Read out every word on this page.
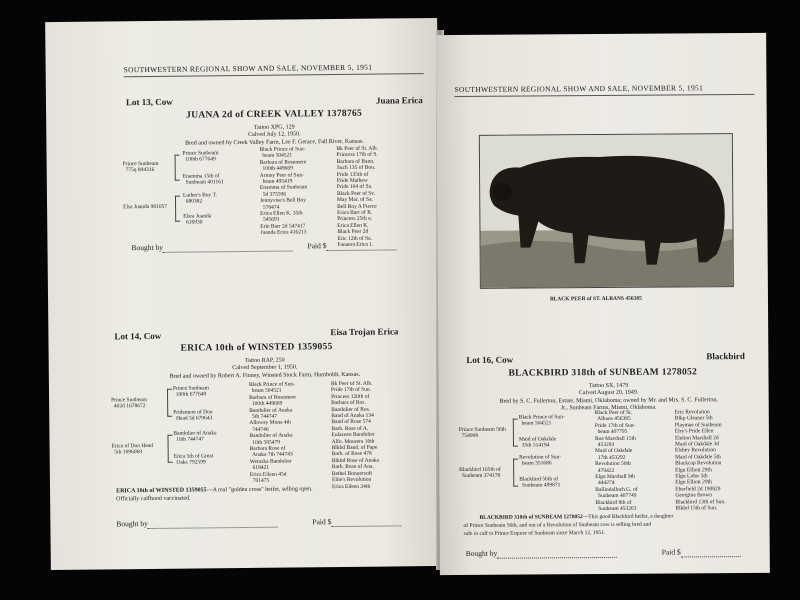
SOUTHWESTERN REGIONAL SHOW AND SALE, NOVEMBER 5, 1951
Lot 13, Cow	Juana Erica
JUANA 2d of CREEK VALLEY 1378765
Tattoo XPG, 129
Calved July 12, 1950.
Bred and owned by Creek Valley Farm, Lee F. Gerace, Fall River, Kansas.
Prince Sunbeam
775q 894316
Elsa Juanda 981057
Prince Sunbeam
100th 677649
Enamma 15th of
Sunbeam 401161
Luther's Boy T.
680382
Elsra Juanda
616930
Black Prince of Sun-
beam 504521
Barbara of Rosemere
100th 449669
Armey Peer of Sun-
beam 495419
Enamma of Sunbeam
5d 375596
Jennyvise's Bell Boy
578474
Erica Ellen K. 35th
545691
Erie Barr 2d 547417
Juanda Erica 416213
Bk Peer of St. Alb.
Princess 17th of S.
Barbara of Bann.
Such 135 of Bou.
Pride 135th of
Pride Mathew
Pride 104 of Sa.
Black Peer of Se.
May Mar. of Sa.
Bell Boy A Pierce
Erica Barr of R.
Princess 25th o.
Erica Ellen K.
Black Peer 2d
Eric 12th of Sa.
Fanaera Erica 1.
Bought by	Paid $
Lot 14, Cow	Eisa Trojan Erica
ERICA 10th of WINSTED 1359055
Tattoo RAP, 250
Calved September 1, 1950.
Bred and owned by Robert A. Finney, Winsted Stock Farm, Humboldt, Kansas.
Prince Sunbeam
402d 1678672
Erica of Don Head
5th 1096069
Prince Sunbeam
100th 677649
Pridemere of Don
Head 5d 679643
Bandolier of Anaka
16th 744747
Erica 5th of Great
Oaks 792599
Black Prince of Sun-
beam 504521
Barbara of Rosemere
100th 449669
Bandolier of Anaka
5th 744747
Alloway Mona 4th
744746
Bandolier of Anaka
10th 585479
Barbara Rose of
Anaka 7th 744743
Wetuska Bandolier
618421
Erica Eileen 45d
701475
Bk Peer of St. Alb.
Pride 17th of Sun.
Princess 120th of
Barbara of Ros.
Bandolier of Ros.
Band of Anaka 134
Band of Rose 574
Barb. Rose of A.
Eulaceeo Bandolier
Alfo. Mourera 10th
Blkbd Band. of Pape
Barb. of Rose 478
Blkbd Rose of Anaka
Barb. Rose of Ana.
Bethel Bonnersoft
Elite's Revolution
Erica Eileen 24th
ERICA 10th of WINSTED 1359055—A real "golden cross" heifer, selling open.
Officially calfhood vaccinated.
Bought by	Paid $
SOUTHWESTERN REGIONAL SHOW AND SALE, NOVEMBER 5, 1951
BLACK PEER of ST. ALBANS 456385
Lot 16, Cow	Blackbird
BLACKBIRD 318th of SUNBEAM 1278052
Tattoo SX, 1479
Calved August 20, 1949.
Bred by S. C. Fullerton, Estate, Miami, Oklahoma; owned by Mr. and Mrs. S. C. Fullerton,
Jr., Sunbeam Farms, Miami, Oklahoma.
Prince Sunbeam 56th
754908
Blackbird 165th of
Sunbeam 374178
Black Prince of Sun-
beam 504521
Maid of Oakdale
35th 514194
Revolution of Sun-
beam 351686
Blackbird 56th of
Sunbeam 499871
Black Peer of St.
Albans 456385
Pride 17th of Sun-
beam 407795
Roe Marshall 15th
453293
Maid of Oakdale
17th 453292
Revolution 50th
479422
Elgn Marshall 9th
444274
Ballindalloch G. of
Sunbeam 407749
Blackbird 8th of
Sunbeam 453263
Eric Revolution
Blkp Gleaner 5th
Playmae of Sunbeam
Elry's Pride Ellen
Elelion Marshall 2d
Maid of Oakdale 3d
Elshey Revolution
Maid of Oakdale 5th
Blackcap Revolution
Elgn Elliott 29th
Elgn Lidor 5th
Elgn Elliott 29th
Eberfield 2d 190829
Georgina Brown
Blackbird 13th of Sun.
Blkbd 15th of Sun.
BLACKBIRD 318th of SUNBEAM 1278052—This good Blackbird heifer, a daughter
of Prince Sunbeam 56th, and out of a Revolution of Sunbeam cow is selling bred and
safe in calf to Prince Esquire of Sunbeam since March 12, 1951.
Bought by	Paid $
